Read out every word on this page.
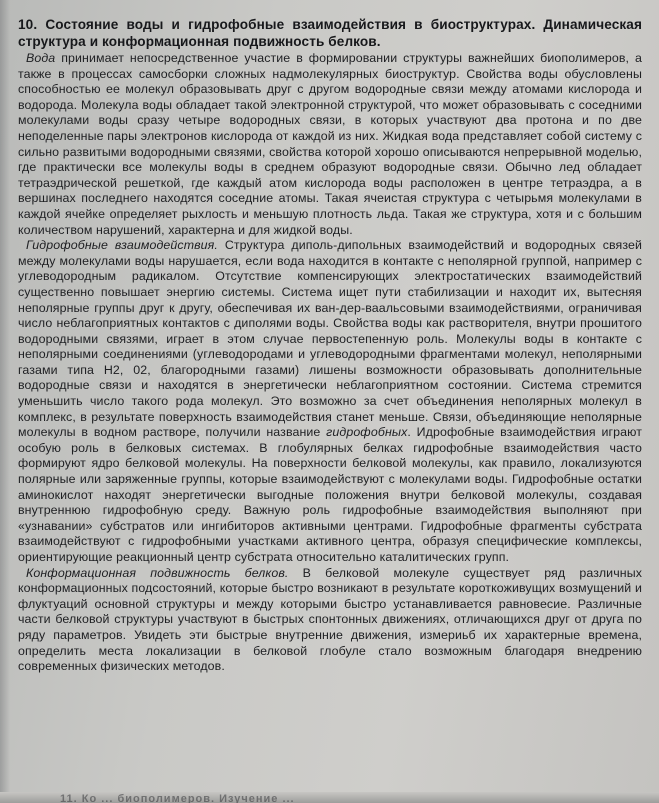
10. Состояние воды и гидрофобные взаимодействия в биоструктурах. Динамическая структура и конформационная подвижность белков.

Вода принимает непосредственное участие в формировании структуры важнейших биополимеров, а также в процессах самосборки сложных надмолекулярных биоструктур. Свойства воды обусловлены способностью ее молекул образовывать друг с другом водородные связи между атомами кислорода и водорода. Молекула воды обладает такой электронной структурой, что может образовывать с соседними молекулами воды сразу четыре водородных связи, в которых участвуют два протона и по две неподеленные пары электронов кислорода от каждой из них. Жидкая вода представляет собой систему с сильно развитыми водородными связями, свойства которой хорошо описываются непрерывной моделью, где практически все молекулы воды в среднем образуют водородные связи. Обычно лед обладает тетраэдрической решеткой, где каждый атом кислорода воды расположен в центре тетраэдра, а в вершинах последнего находятся соседние атомы. Такая ячеистая структура с четырьмя молекулами в каждой ячейке определяет рыхлость и меньшую плотность льда. Такая же структура, хотя и с большим количеством нарушений, характерна и для жидкой воды.

Гидрофобные взаимодействия. Структура диполь-дипольных взаимодействий и водородных связей между молекулами воды нарушается, если вода находится в контакте с неполярной группой, например с углеводородным радикалом. Отсутствие компенсирующих электростатических взаимодействий существенно повышает энергию системы. Система ищет пути стабилизации и находит их, вытесняя неполярные группы друг к другу, обеспечивая их ван-дер-ваальсовыми взаимодействиями, ограничивая число неблагоприятных контактов с диполями воды. Свойства воды как растворителя, внутри прошитого водородными связями, играет в этом случае первостепенную роль. Молекулы воды в контакте с неполярными соединениями (углеводородами и углеводородными фрагментами молекул, неполярными газами типа Н2, 02, благородными газами) лишены возможности образовывать дополнительные водородные связи и находятся в энергетически неблагоприятном состоянии. Система стремится уменьшить число такого рода молекул. Это возможно за счет объединения неполярных молекул в комплекс, в результате поверхность взаимодействия станет меньше. Связи, объединяющие неполярные молекулы в водном растворе, получили название гидрофобных. Идрофобные взаимодействия играют особую роль в белковых системах. В глобулярных белках гидрофобные взаимодействия часто формируют ядро белковой молекулы. На поверхности белковой молекулы, как правило, локализуются полярные или заряженные группы, которые взаимодействуют с молекулами воды. Гидрофобные остатки аминокислот находят энергетически выгодные положения внутри белковой молекулы, создавая внутреннюю гидрофобную среду. Важную роль гидрофобные взаимодействия выполняют при «узнавании» субстратов или ингибиторов активными центрами. Гидрофобные фрагменты субстрата взаимодействуют с гидрофобными участками активного центра, образуя специфические комплексы, ориентирующие реакционный центр субстрата относительно каталитических групп.

Конформационная подвижность белков. В белковой молекуле существует ряд различных конформационных подсостояний, которые быстро возникают в результате короткоживущих возмущений и флуктуаций основной структуры и между которыми быстро устанавливается равновесие. Различные части белковой структуры участвуют в быстрых спонтонных движениях, отличающихся друг от друга по ряду параметров. Увидеть эти быстрые внутренние движения, измериьб их характерные времена, определить места локализации в белковой глобуле стало возможным благодаря внедрению современных физических методов.

11. Ко ... биополимеров. Изучение ...
